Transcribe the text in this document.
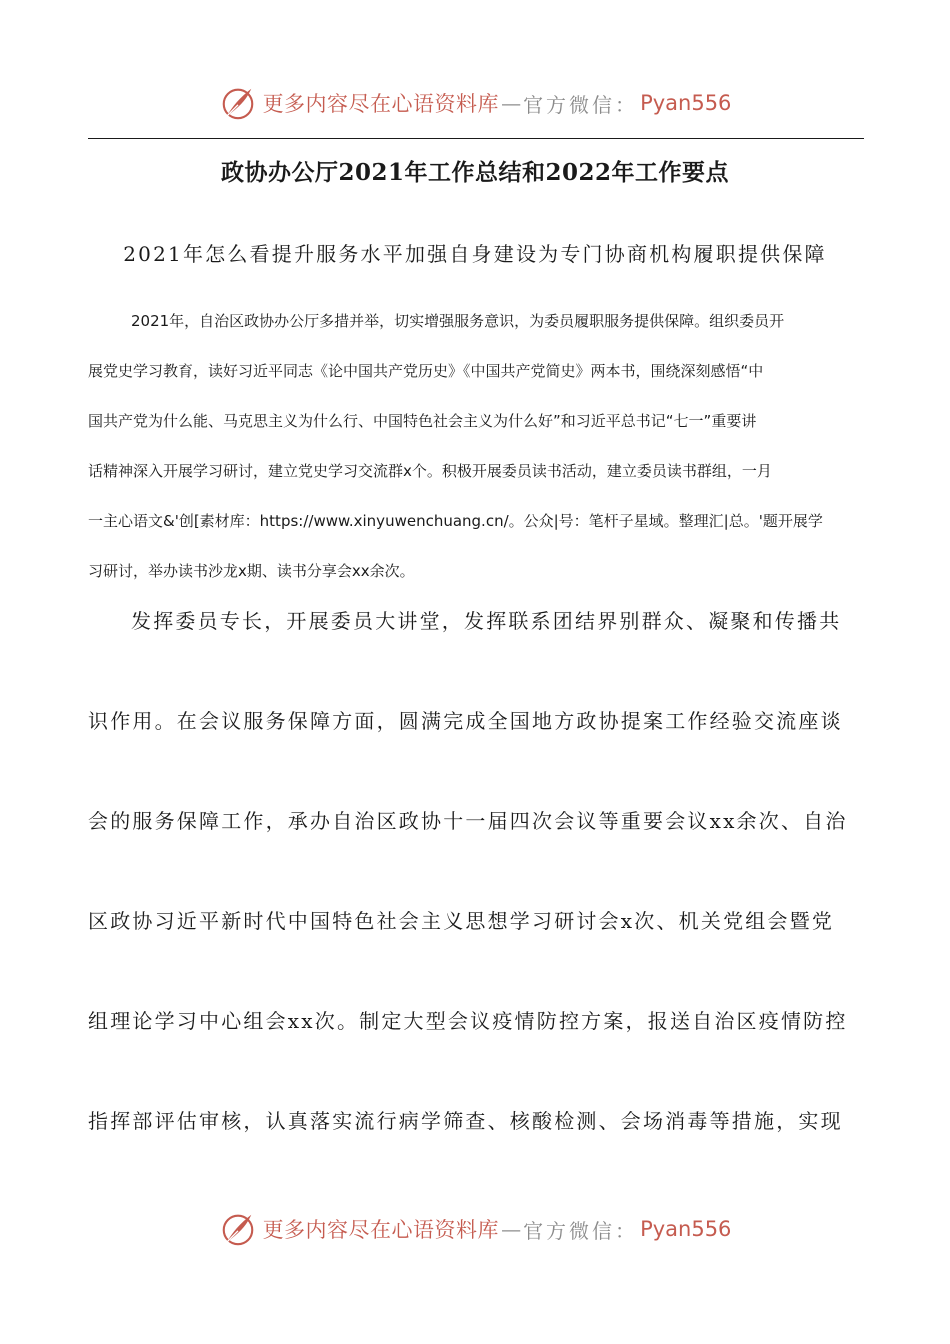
更多内容尽在心语资料库 — 官方微信： Pyan556
政协办公厅2021年工作总结和2022年工作要点
2021年怎么看提升服务水平加强自身建设为专门协商机构履职提供保障
2021年，自治区政协办公厅多措并举，切实增强服务意识，为委员履职服务提供保障。组织委员开
展党史学习教育，读好习近平同志《论中国共产党历史》《中国共产党简史》两本书，围绕深刻感悟“中
国共产党为什么能、马克思主义为什么行、中国特色社会主义为什么好”和习近平总书记“七一”重要讲
话精神深入开展学习研讨，建立党史学习交流群x个。积极开展委员读书活动，建立委员读书群组，一月
一主心语文&'创[素材库：https://www.xinyuwenchuang.cn/。公众|号：笔杆子星域。整理汇|总。'题开展学
习研讨，举办读书沙龙x期、读书分享会xx余次。
发挥委员专长，开展委员大讲堂，发挥联系团结界别群众、凝聚和传播共
识作用。在会议服务保障方面，圆满完成全国地方政协提案工作经验交流座谈
会的服务保障工作，承办自治区政协十一届四次会议等重要会议xx余次、自治
区政协习近平新时代中国特色社会主义思想学习研讨会x次、机关党组会暨党
组理论学习中心组会xx次。制定大型会议疫情防控方案，报送自治区疫情防控
指挥部评估审核，认真落实流行病学筛查、核酸检测、会场消毒等措施，实现
更多内容尽在心语资料库 — 官方微信： Pyan556
